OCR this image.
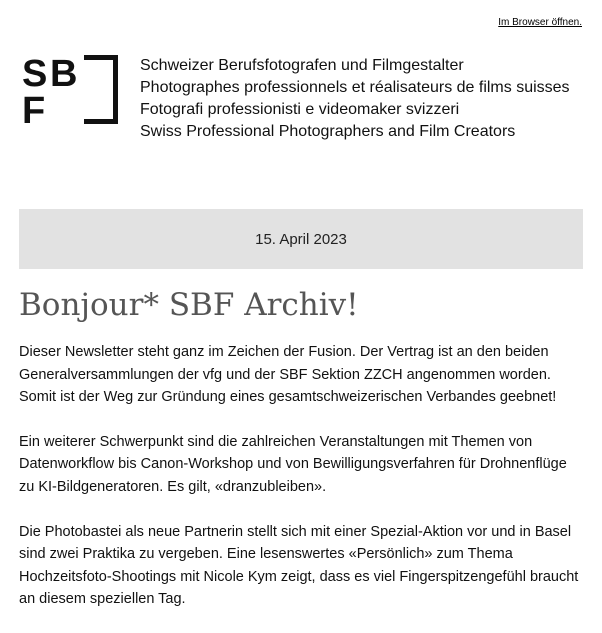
Im Browser öffnen.
S B
F
Schweizer Berufsfotografen und Filmgestalter
Photographes professionnels et réalisateurs de films suisses
Fotografi professionisti e videomaker svizzeri
Swiss Professional Photographers and Film Creators
15. April 2023
Bonjour* SBF Archiv!

Dieser Newsletter steht ganz im Zeichen der Fusion. Der Vertrag ist an den beiden Generalversammlungen der vfg und der SBF Sektion ZZCH angenommen worden. Somit ist der Weg zur Gründung eines gesamtschweizerischen Verbandes geebnet!

Ein weiterer Schwerpunkt sind die zahlreichen Veranstaltungen mit Themen von Datenworkflow bis Canon-Workshop und von Bewilligungsverfahren für Drohnenflüge zu KI-Bildgeneratoren. Es gilt, «dranzubleiben».

Die Photobastei als neue Partnerin stellt sich mit einer Spezial-Aktion vor und in Basel sind zwei Praktika zu vergeben. Eine lesenswertes «Persönlich» zum Thema Hochzeitsfoto-Shootings mit Nicole Kym zeigt, dass es viel Fingerspitzengefühl braucht an diesem speziellen Tag.
